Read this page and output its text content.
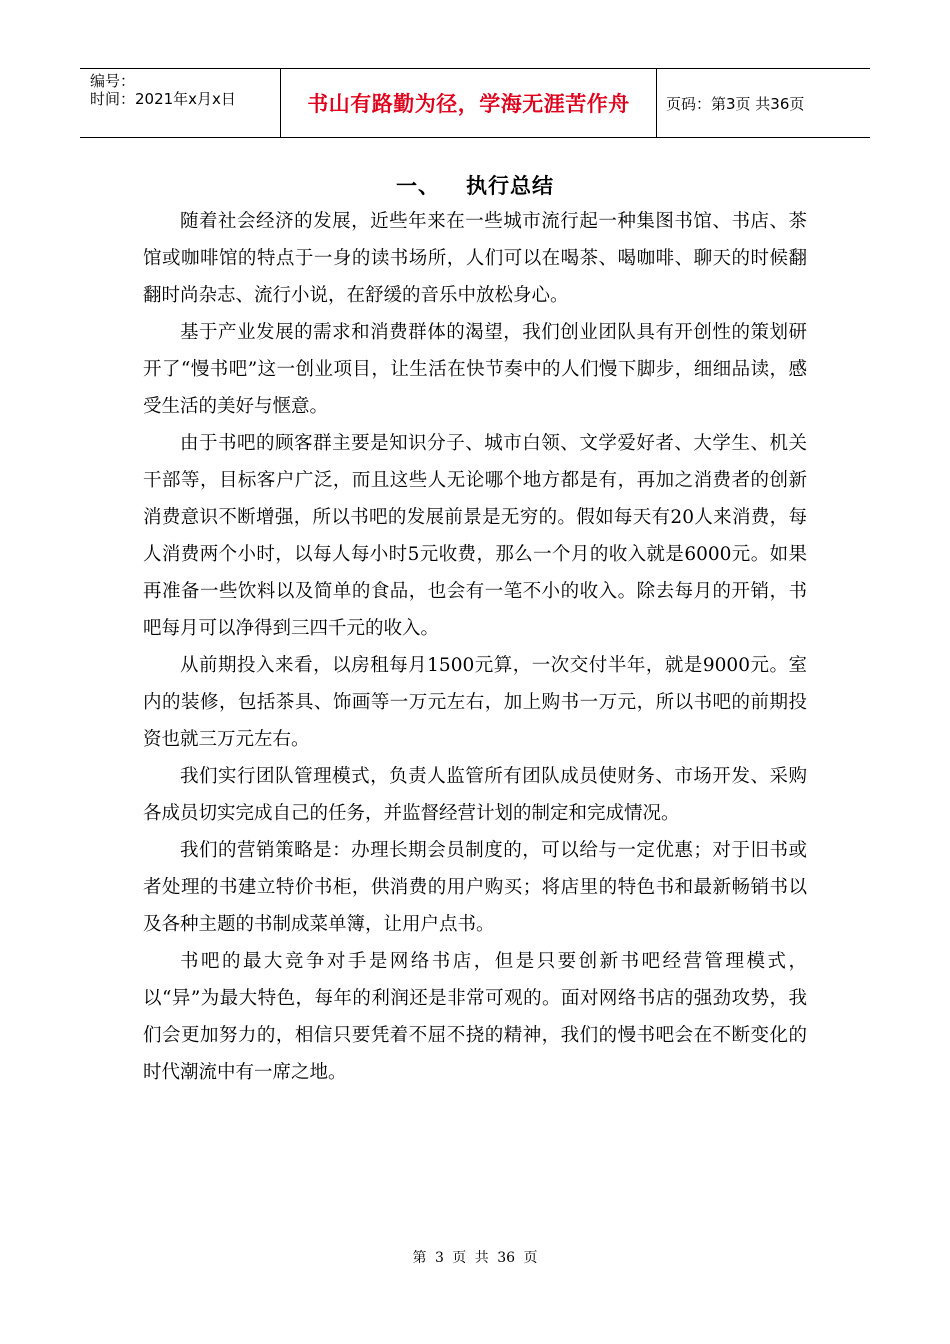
编号：
时间：2021年x月x日	书山有路勤为径，学海无涯苦作舟 页码：第3页 共36页
一、 执行总结

随着社会经济的发展，近些年来在一些城市流行起一种集图书馆、书店、茶馆或咖啡馆的特点于一身的读书场所，人们可以在喝茶、喝咖啡、聊天的时候翻翻时尚杂志、流行小说，在舒缓的音乐中放松身心。

基于产业发展的需求和消费群体的渴望，我们创业团队具有开创性的策划研开了“慢书吧”这一创业项目，让生活在快节奏中的人们慢下脚步，细细品读，感受生活的美好与惬意。

由于书吧的顾客群主要是知识分子、城市白领、文学爱好者、大学生、机关干部等，目标客户广泛，而且这些人无论哪个地方都是有，再加之消费者的创新消费意识不断增强，所以书吧的发展前景是无穷的。假如每天有20人来消费，每人消费两个小时，以每人每小时5元收费，那么一个月的收入就是6000元。如果再准备一些饮料以及简单的食品，也会有一笔不小的收入。除去每月的开销，书吧每月可以净得到三四千元的收入。

从前期投入来看，以房租每月1500元算，一次交付半年，就是9000元。室内的装修，包括茶具、饰画等一万元左右，加上购书一万元，所以书吧的前期投资也就三万元左右。

我们实行团队管理模式，负责人监管所有团队成员使财务、市场开发、采购各成员切实完成自己的任务，并监督经营计划的制定和完成情况。

我们的营销策略是：办理长期会员制度的，可以给与一定优惠；对于旧书或者处理的书建立特价书柜，供消费的用户购买；将店里的特色书和最新畅销书以及各种主题的书制成菜单簿，让用户点书。

书吧的最大竞争对手是网络书店，但是只要创新书吧经营管理模式，以“异”为最大特色，每年的利润还是非常可观的。面对网络书店的强劲攻势，我们会更加努力的，相信只要凭着不屈不挠的精神，我们的慢书吧会在不断变化的时代潮流中有一席之地。

第 3 页 共 36 页
